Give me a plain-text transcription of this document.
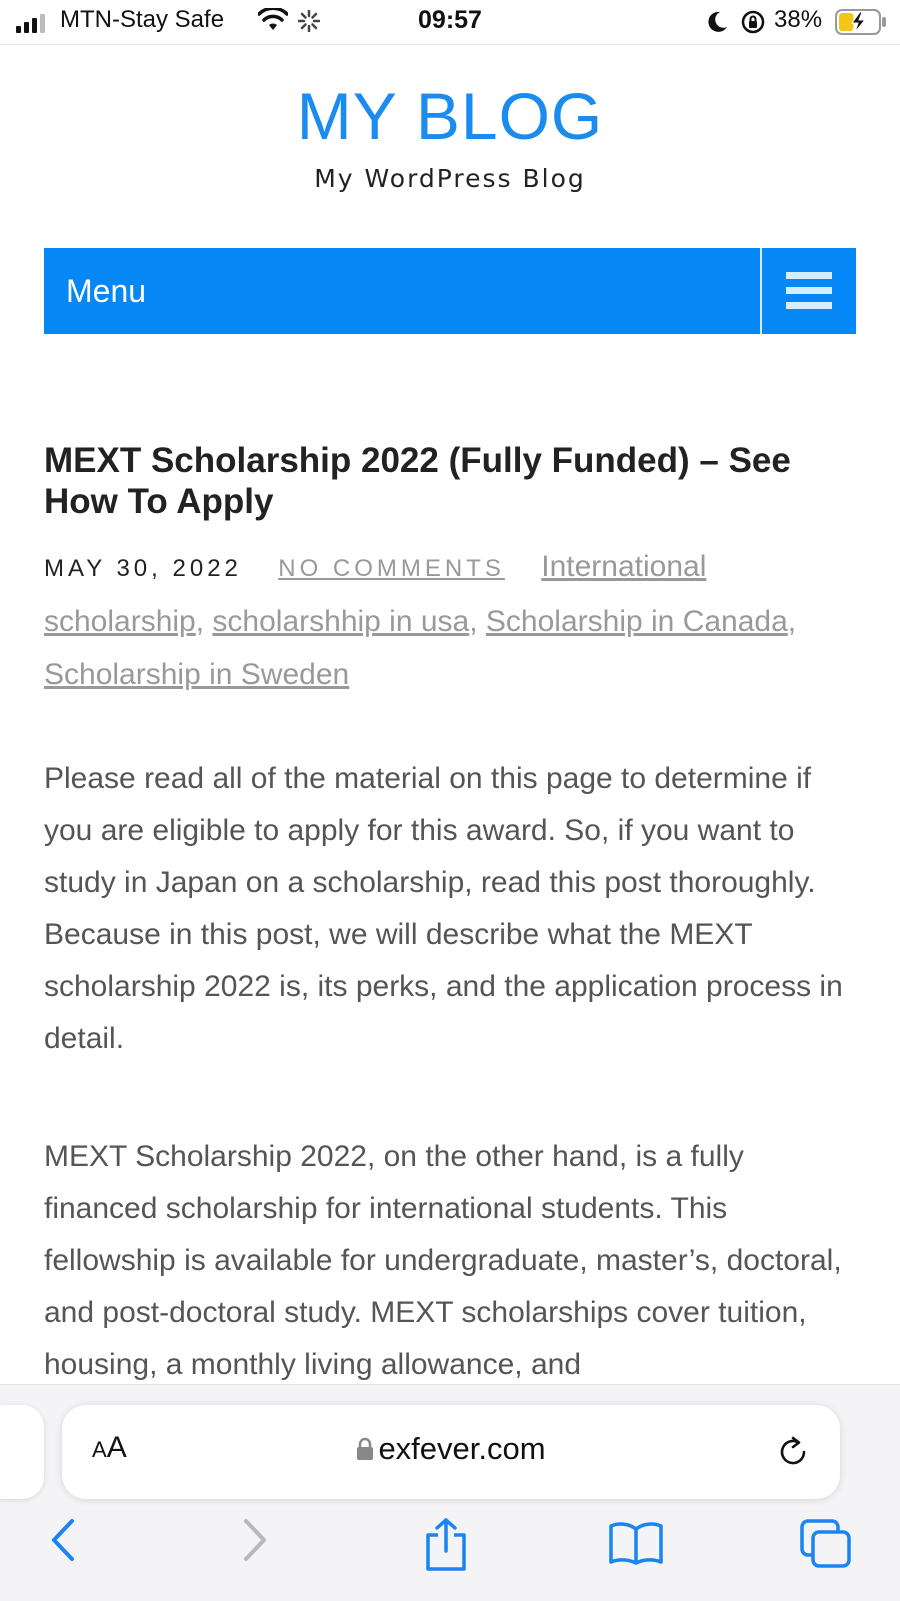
MTN-Stay Safe	09:57	38%
MY BLOG
My WordPress Blog
Menu
MEXT Scholarship 2022 (Fully Funded) – See How To Apply
MAY 30, 2022 NO COMMENTS International scholarship, scholarshhip in usa, Scholarship in Canada, Scholarship in Sweden

Please read all of the material on this page to determine if you are eligible to apply for this award. So, if you want to study in Japan on a scholarship, read this post thoroughly. Because in this post, we will describe what the MEXT scholarship 2022 is, its perks, and the application process in detail.

MEXT Scholarship 2022, on the other hand, is a fully financed scholarship for international students. This fellowship is available for undergraduate, master’s, doctoral, and post-doctoral study. MEXT scholarships cover tuition, housing, a monthly living allowance, and

AA	exfever.com
